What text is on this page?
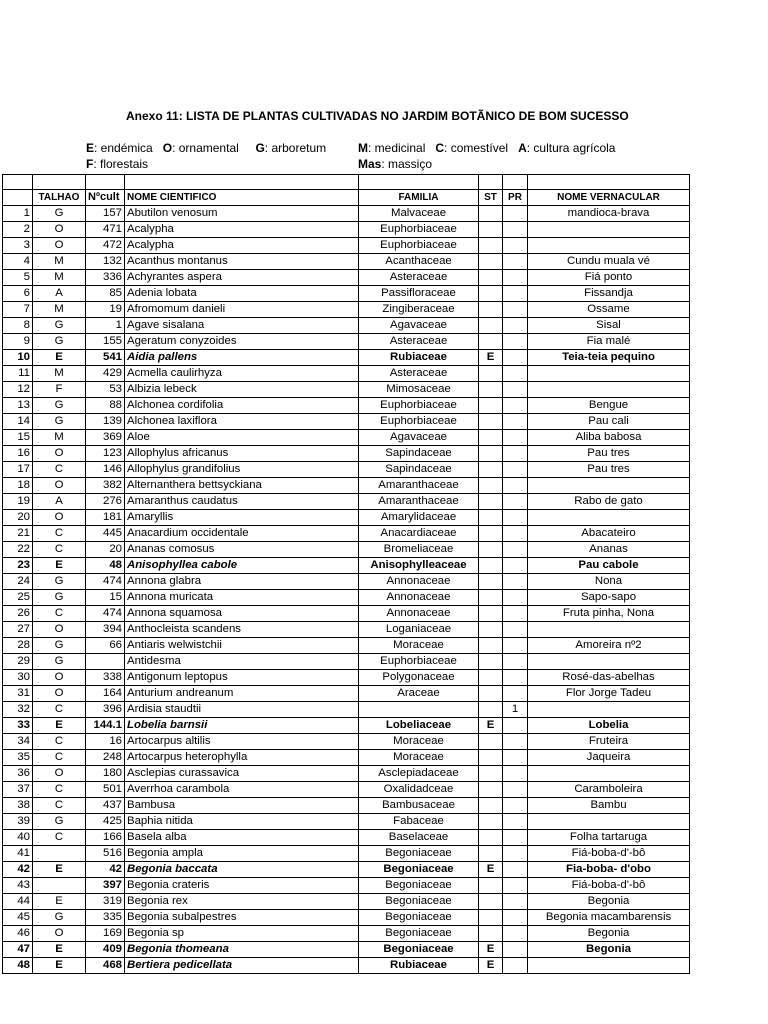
Anexo 11: LISTA DE PLANTAS CULTIVADAS NO JARDIM BOTÃNICO DE BOM SUCESSO
E: endémica O: ornamental G: arboretum	M: medicinal C: comestível A: cultura agrícola
F: florestais	Mas: massiço

	TALHAO	Nºcult	NOME CIENTIFICO	FAMILIA	ST	PR	NOME VERNACULAR
1	G	157	Abutilon venosum	Malvaceae			mandioca-brava
2	O	471	Acalypha	Euphorbiaceae			
3	O	472	Acalypha	Euphorbiaceae			
4	M	132	Acanthus montanus	Acanthaceae			Cundu muala vé
5	M	336	Achyrantes aspera	Asteraceae			Fiá ponto
6	A	85	Adenia lobata	Passifloraceae			Fissandja
7	M	19	Afromomum danieli	Zingiberaceae			Ossame
8	G	1	Agave sisalana	Agavaceae			Sisal
9	G	155	Ageratum conyzoides	Asteraceae			Fia malé
10	E	541	Aidia pallens	Rubiaceae	E		Teia-teia pequino
11	M	429	Acmella caulirhyza	Asteraceae			
12	F	53	Albizia lebeck	Mimosaceae			
13	G	88	Alchonea cordifolia	Euphorbiaceae			Bengue
14	G	139	Alchonea laxiflora	Euphorbiaceae			Pau cali
15	M	369	Aloe	Agavaceae			Aliba babosa
16	O	123	Allophylus africanus	Sapindaceae			Pau tres
17	C	146	Allophylus grandifolius	Sapindaceae			Pau tres
18	O	382	Alternanthera bettsyckiana	Amaranthaceae			
19	A	276	Amaranthus caudatus	Amaranthaceae			Rabo de gato
20	O	181	Amaryllis	Amarylidaceae			
21	C	445	Anacardium occidentale	Anacardiaceae			Abacateiro
22	C	20	Ananas comosus	Bromeliaceae			Ananas
23	E	48	Anisophyllea cabole	Anisophylleaceae			Pau cabole
24	G	474	Annona glabra	Annonaceae			Nona
25	G	15	Annona muricata	Annonaceae			Sapo-sapo
26	C	474	Annona squamosa	Annonaceae			Fruta pinha, Nona
27	O	394	Anthocleista scandens	Loganiaceae			
28	G	66	Antiaris welwistchii	Moraceae			Amoreira nº2
29	G		Antidesma	Euphorbiaceae			
30	O	338	Antigonum leptopus	Polygonaceae			Rosé-das-abelhas
31	O	164	Anturium andreanum	Araceae			Flor Jorge Tadeu
32	C	396	Ardisia staudtii			1	
33	E	144.1	Lobelia barnsii	Lobeliaceae	E		Lobelia
34	C	16	Artocarpus altilis	Moraceae			Fruteira
35	C	248	Artocarpus heterophylla	Moraceae			Jaqueira
36	O	180	Asclepias curassavica	Asclepiadaceae			
37	C	501	Averrhoa carambola	Oxalidadceae			Caramboleira
38	C	437	Bambusa	Bambusaceae			Bambu
39	G	425	Baphia nitida	Fabaceae			
40	C	166	Basela alba	Baselaceae			Folha tartaruga
41		516	Begonia ampla	Begoniaceae			Fiá-boba-d'-bô
42	E	42	Begonia baccata	Begoniaceae	E		Fia-boba- d'obo
43		397	Begonia crateris	Begoniaceae			Fiá-boba-d'-bô
44	E	319	Begonia rex	Begoniaceae			Begonia
45	G	335	Begonia subalpestres	Begoniaceae			Begonia macambarensis
46	O	169	Begonia sp	Begoniaceae			Begonia
47	E	409	Begonia thomeana	Begoniaceae	E		Begonia
48	E	468	Bertiera pedicellata	Rubiaceae	E		
